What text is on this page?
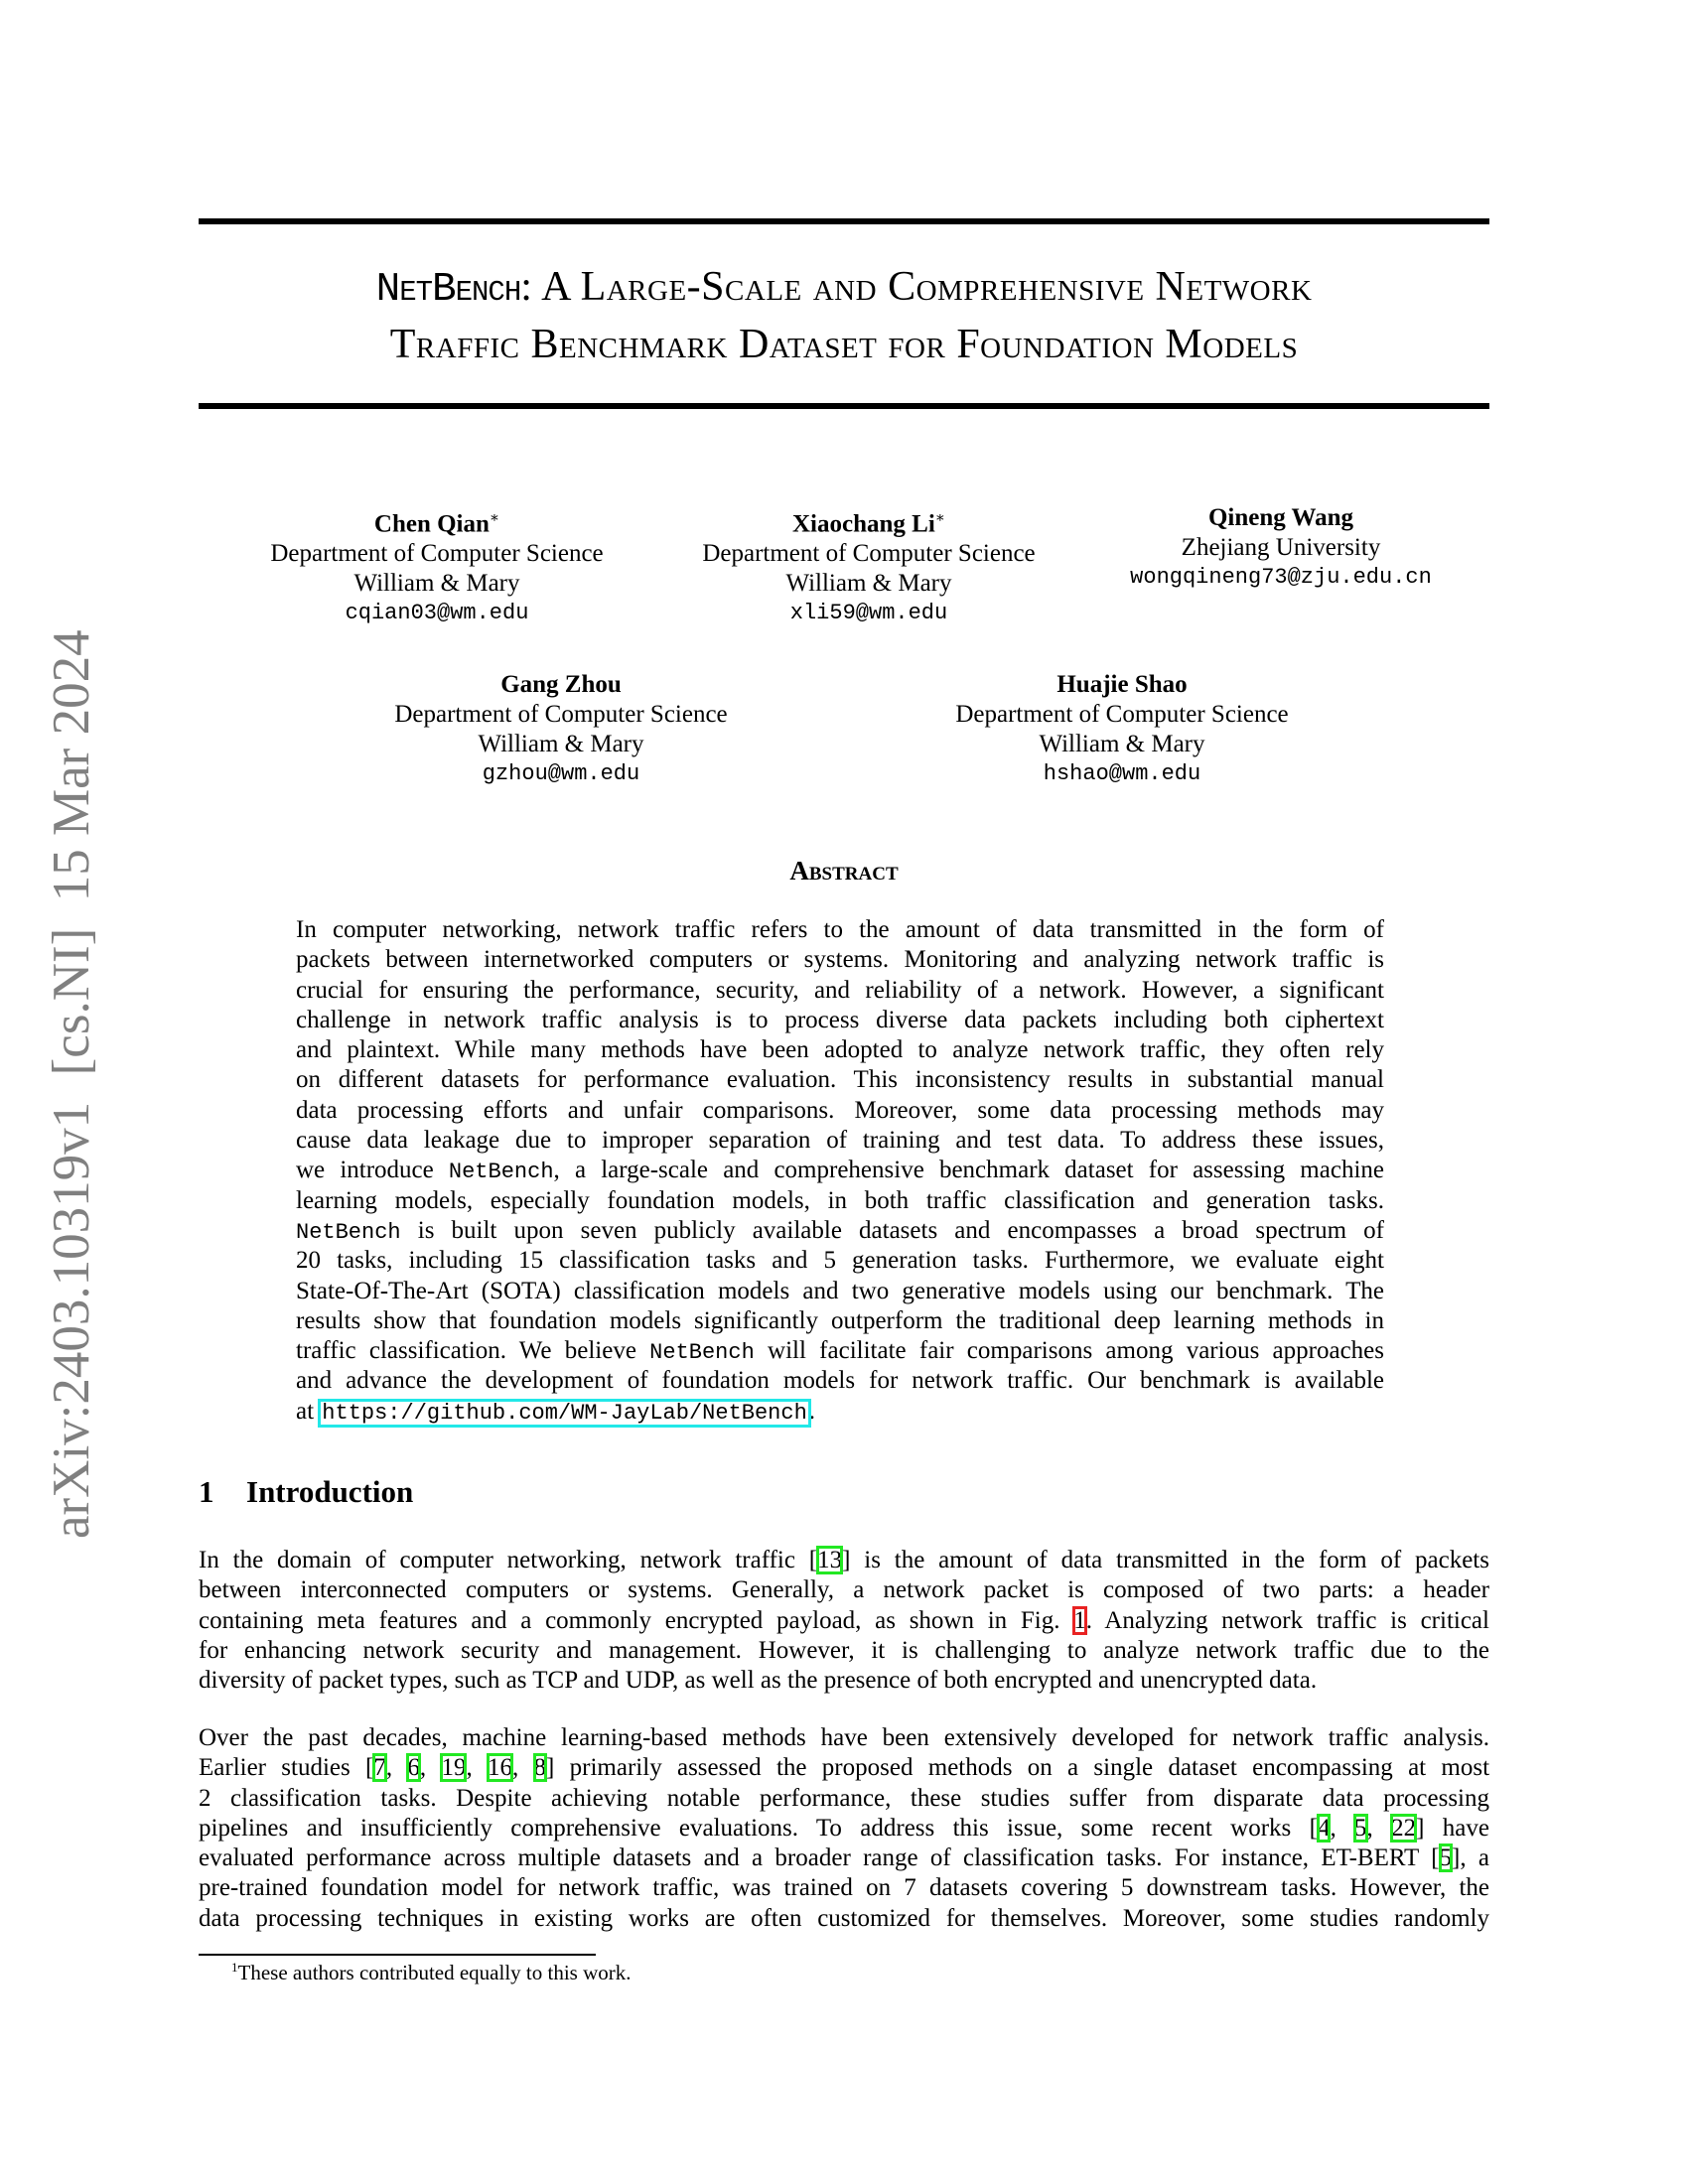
arXiv:2403.10319v1  [cs.NI]  15 Mar 2024
NetBench: A Large-Scale and Comprehensive Network
Traffic Benchmark Dataset for Foundation Models
Chen Qian∗
Department of Computer Science
William & Mary
cqian03@wm.edu
Xiaochang Li∗
Department of Computer Science
William & Mary
xli59@wm.edu
Qineng Wang
Zhejiang University
wongqineng73@zju.edu.cn
Gang Zhou
Department of Computer Science
William & Mary
gzhou@wm.edu
Huajie Shao
Department of Computer Science
William & Mary
hshao@wm.edu
Abstract
In computer networking, network traffic refers to the amount of data transmitted in the form of
packets between internetworked computers or systems. Monitoring and analyzing network traffic is
crucial for ensuring the performance, security, and reliability of a network. However, a significant
challenge in network traffic analysis is to process diverse data packets including both ciphertext
and plaintext. While many methods have been adopted to analyze network traffic, they often rely
on different datasets for performance evaluation. This inconsistency results in substantial manual
data processing efforts and unfair comparisons. Moreover, some data processing methods may
cause data leakage due to improper separation of training and test data. To address these issues,
we introduce NetBench, a large-scale and comprehensive benchmark dataset for assessing machine
learning models, especially foundation models, in both traffic classification and generation tasks.
NetBench is built upon seven publicly available datasets and encompasses a broad spectrum of
20 tasks, including 15 classification tasks and 5 generation tasks. Furthermore, we evaluate eight
State-Of-The-Art (SOTA) classification models and two generative models using our benchmark. The
results show that foundation models significantly outperform the traditional deep learning methods in
traffic classification. We believe NetBench will facilitate fair comparisons among various approaches
and advance the development of foundation models for network traffic. Our benchmark is available
at https://github.com/WM-JayLab/NetBench.
1 Introduction
In the domain of computer networking, network traffic [13] is the amount of data transmitted in the form of packets
between interconnected computers or systems. Generally, a network packet is composed of two parts: a header
containing meta features and a commonly encrypted payload, as shown in Fig. 1. Analyzing network traffic is critical
for enhancing network security and management. However, it is challenging to analyze network traffic due to the
diversity of packet types, such as TCP and UDP, as well as the presence of both encrypted and unencrypted data.
Over the past decades, machine learning-based methods have been extensively developed for network traffic analysis.
Earlier studies [7, 6, 19, 16, 8] primarily assessed the proposed methods on a single dataset encompassing at most
2 classification tasks. Despite achieving notable performance, these studies suffer from disparate data processing
pipelines and insufficiently comprehensive evaluations. To address this issue, some recent works [4, 5, 22] have
evaluated performance across multiple datasets and a broader range of classification tasks. For instance, ET-BERT [5], a
pre-trained foundation model for network traffic, was trained on 7 datasets covering 5 downstream tasks. However, the
data processing techniques in existing works are often customized for themselves. Moreover, some studies randomly
$^1$These authors contributed equally to this work.
